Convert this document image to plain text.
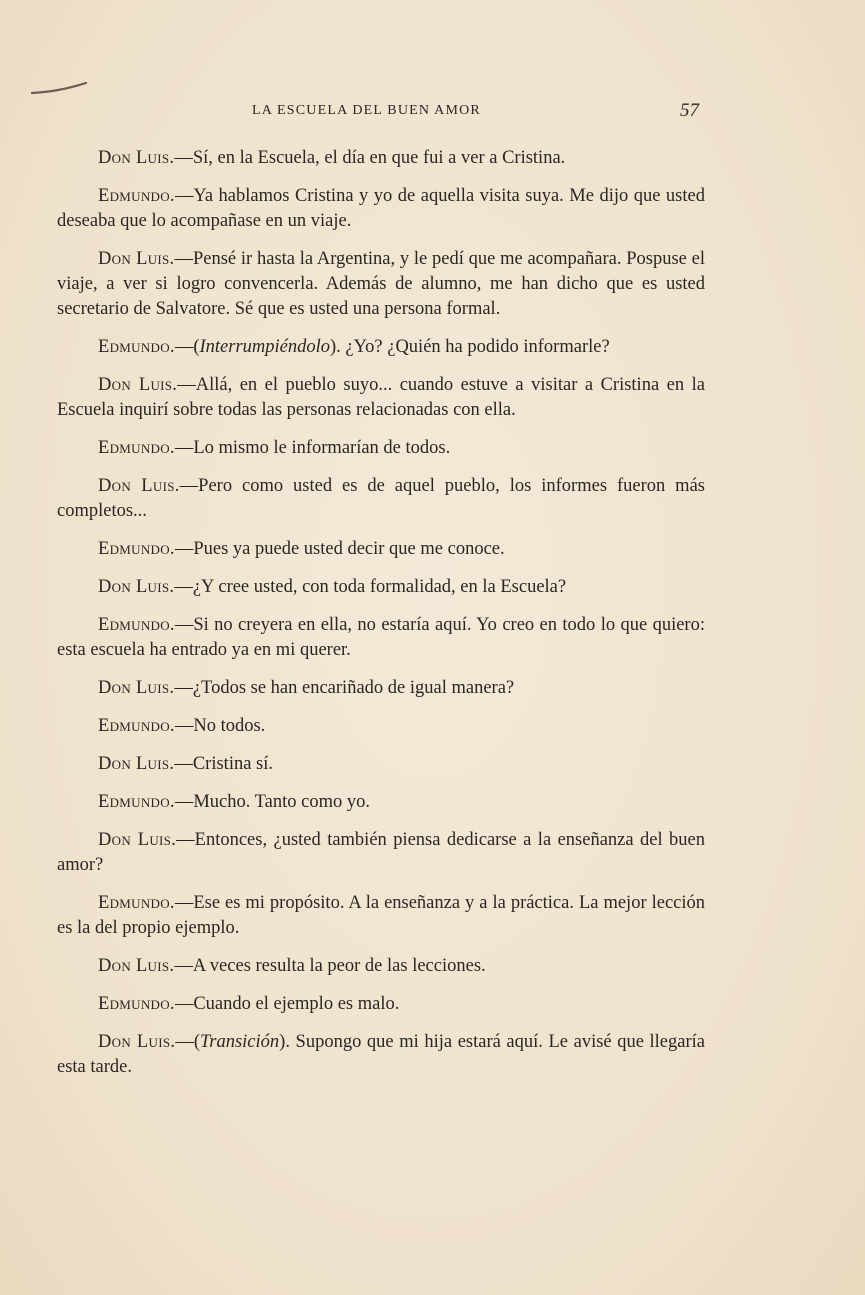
LA ESCUELA DEL BUEN AMOR	57

Don Luis.—Sí, en la Escuela, el día en que fui a ver a Cristina.

Edmundo.—Ya hablamos Cristina y yo de aquella visita suya. Me dijo que usted deseaba que lo acompañase en un viaje.

Don Luis.—Pensé ir hasta la Argentina, y le pedí que me acompañara. Pospuse el viaje, a ver si logro convencerla. Además de alumno, me han dicho que es usted secretario de Salvatore. Sé que es usted una persona formal.

Edmundo.—(Interrumpiéndolo). ¿Yo? ¿Quién ha podido informarle?

Don Luis.—Allá, en el pueblo suyo... cuando estuve a visitar a Cristina en la Escuela inquirí sobre todas las personas relacionadas con ella.

Edmundo.—Lo mismo le informarían de todos.

Don Luis.—Pero como usted es de aquel pueblo, los informes fueron más completos...

Edmundo.—Pues ya puede usted decir que me conoce.

Don Luis.—¿Y cree usted, con toda formalidad, en la Escuela?

Edmundo.—Si no creyera en ella, no estaría aquí. Yo creo en todo lo que quiero: esta escuela ha entrado ya en mi querer.

Don Luis.—¿Todos se han encariñado de igual manera?

Edmundo.—No todos.

Don Luis.—Cristina sí.

Edmundo.—Mucho. Tanto como yo.

Don Luis.—Entonces, ¿usted también piensa dedicarse a la enseñanza del buen amor?

Edmundo.—Ese es mi propósito. A la enseñanza y a la práctica. La mejor lección es la del propio ejemplo.

Don Luis.—A veces resulta la peor de las lecciones.

Edmundo.—Cuando el ejemplo es malo.

Don Luis.—(Transición). Supongo que mi hija estará aquí. Le avisé que llegaría esta tarde.
